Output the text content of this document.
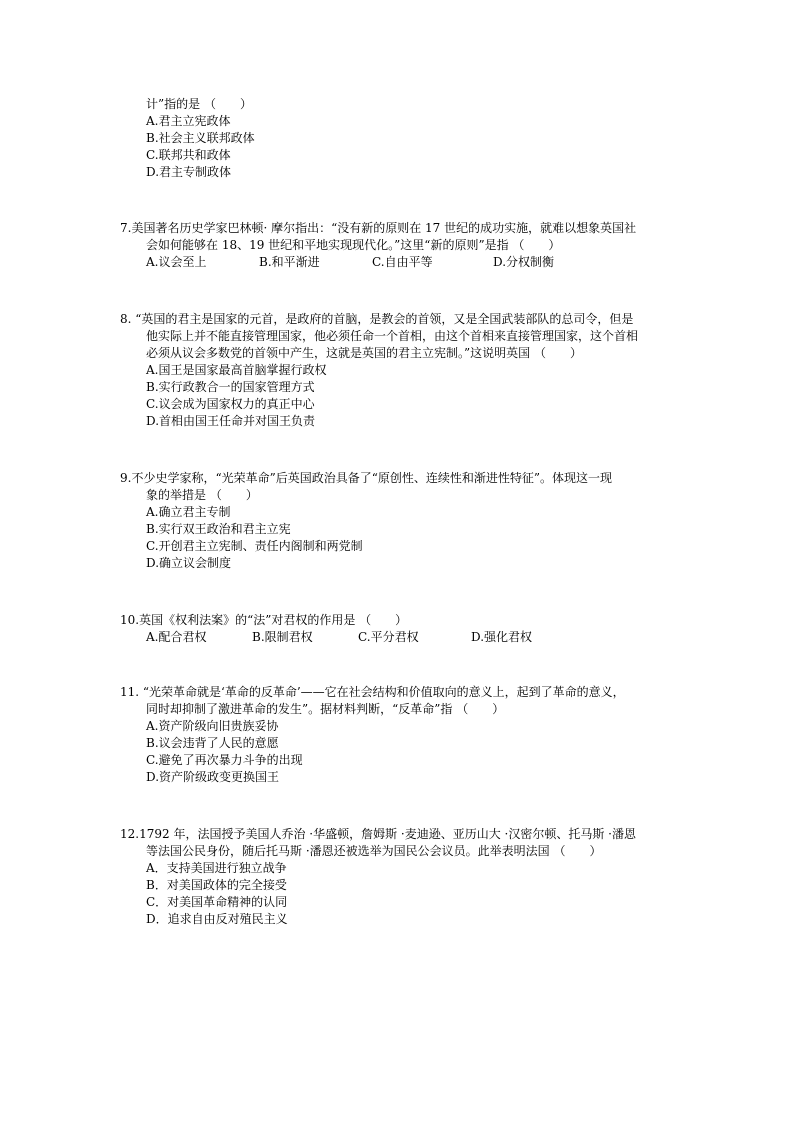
计”指的是 （　　）
A.君主立宪政体
B.社会主义联邦政体
C.联邦共和政体
D.君主专制政体
7.美国著名历史学家巴林顿· 摩尔指出：“没有新的原则在 17 世纪的成功实施，就难以想象英国社
会如何能够在 18、19 世纪和平地实现现代化。”这里“新的原则”是指 （　　）
A.议会至上	B.和平渐进	C.自由平等	D.分权制衡
8. “英国的君主是国家的元首，是政府的首脑，是教会的首领，又是全国武装部队的总司令，但是
他实际上并不能直接管理国家，他必须任命一个首相，由这个首相来直接管理国家，这个首相
必须从议会多数党的首领中产生，这就是英国的君主立宪制。”这说明英国 （　　）
A.国王是国家最高首脑掌握行政权
B.实行政教合一的国家管理方式
C.议会成为国家权力的真正中心
D.首相由国王任命并对国王负责
9.不少史学家称，“光荣革命”后英国政治具备了“原创性、连续性和渐进性特征”。体现这一现
象的举措是 （　　）
A.确立君主专制
B.实行双王政治和君主立宪
C.开创君主立宪制、责任内阁制和两党制
D.确立议会制度
10.英国《权利法案》的“法”对君权的作用是 （　　）
A.配合君权	B.限制君权	C.平分君权	D.强化君权
11. “光荣革命就是‘革命的反革命’——它在社会结构和价值取向的意义上，起到了革命的意义，
同时却抑制了激进革命的发生”。据材料判断，“反革命”指 （　　）
A.资产阶级向旧贵族妥协
B.议会违背了人民的意愿
C.避免了再次暴力斗争的出现
D.资产阶级政变更换国王
12.1792 年，法国授予美国人乔治 ·华盛顿，詹姆斯 ·麦迪逊、亚历山大 ·汉密尔顿、托马斯 ·潘恩
等法国公民身份，随后托马斯 ·潘恩还被选举为国民公会议员。此举表明法国 （　　）
A．支持美国进行独立战争
B．对美国政体的完全接受
C．对美国革命精神的认同
D．追求自由反对殖民主义
